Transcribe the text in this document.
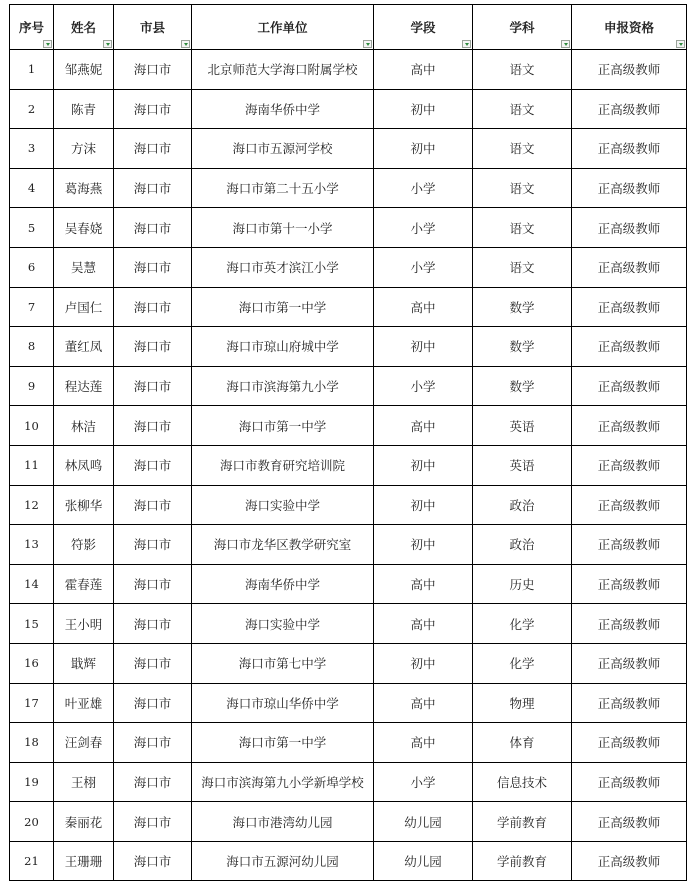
序号	姓名	市县	工作单位	学段	学科	申报资格

1	邹燕妮	海口市	北京师范大学海口附属学校	高中	语文	正高级教师
2	陈青	海口市	海南华侨中学	初中	语文	正高级教师
3	方沫	海口市	海口市五源河学校	初中	语文	正高级教师
4	葛海燕	海口市	海口市第二十五小学	小学	语文	正高级教师
5	吴春娆	海口市	海口市第十一小学	小学	语文	正高级教师
6	吴慧	海口市	海口市英才滨江小学	小学	语文	正高级教师
7	卢国仁	海口市	海口市第一中学	高中	数学	正高级教师
8	董红凤	海口市	海口市琼山府城中学	初中	数学	正高级教师
9	程达莲	海口市	海口市滨海第九小学	小学	数学	正高级教师
10	林洁	海口市	海口市第一中学	高中	英语	正高级教师
11	林凤鸣	海口市	海口市教育研究培训院	初中	英语	正高级教师
12	张柳华	海口市	海口实验中学	初中	政治	正高级教师
13	符影	海口市	海口市龙华区教学研究室	初中	政治	正高级教师
14	霍春莲	海口市	海南华侨中学	高中	历史	正高级教师
15	王小明	海口市	海口实验中学	高中	化学	正高级教师
16	戢辉	海口市	海口市第七中学	初中	化学	正高级教师
17	叶亚雄	海口市	海口市琼山华侨中学	高中	物理	正高级教师
18	汪剑春	海口市	海口市第一中学	高中	体育	正高级教师
19	王栩	海口市	海口市滨海第九小学新埠学校	小学	信息技术	正高级教师
20	秦丽花	海口市	海口市港湾幼儿园	幼儿园	学前教育	正高级教师
21	王珊珊	海口市	海口市五源河幼儿园	幼儿园	学前教育	正高级教师
